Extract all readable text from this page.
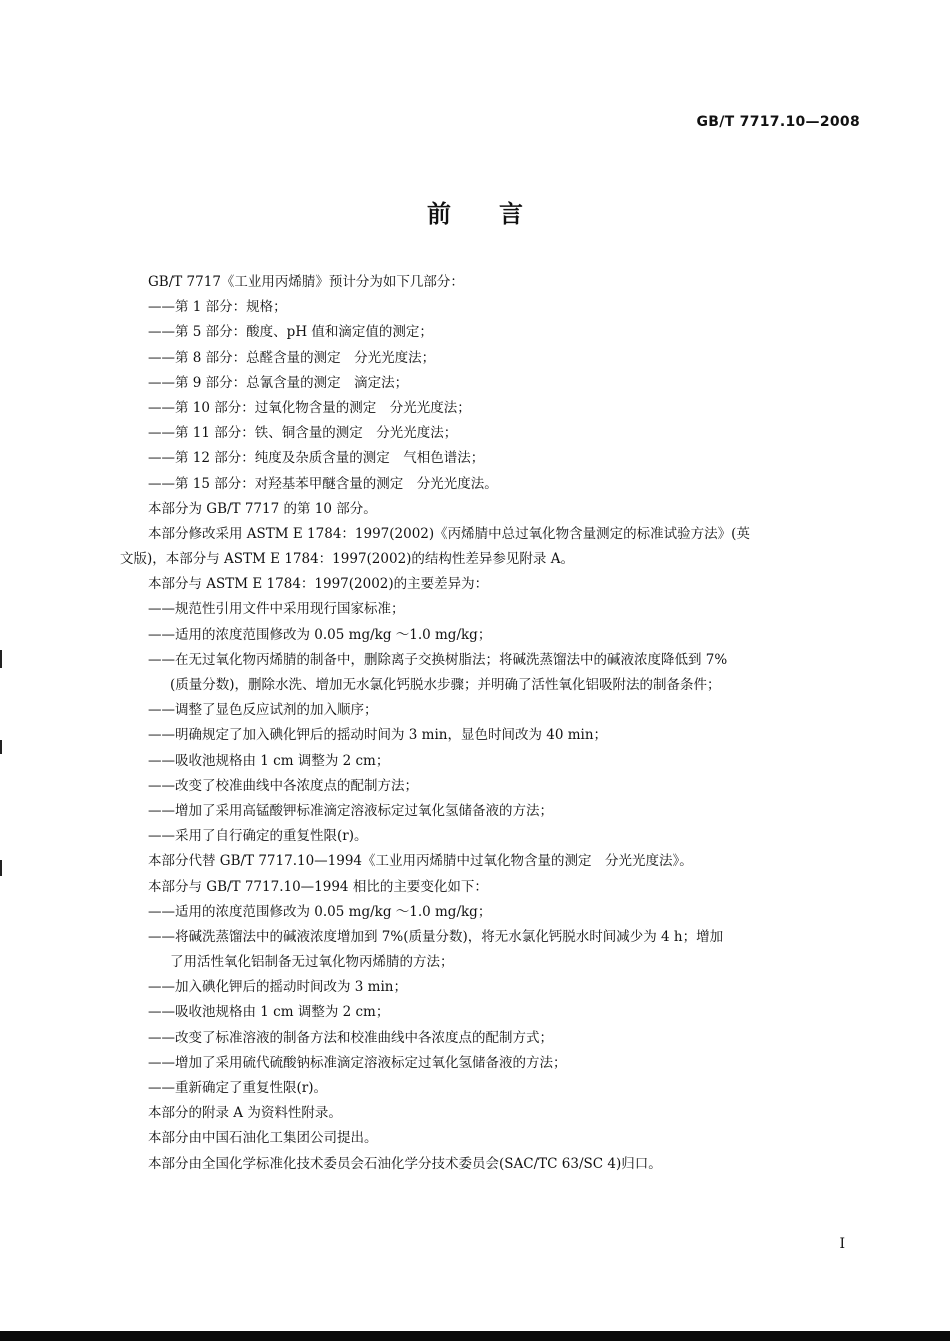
GB/T 7717.10—2008
前言
GB/T 7717《工业用丙烯腈》预计分为如下几部分：
——第 1 部分：规格；
——第 5 部分：酸度、pH 值和滴定值的测定；
——第 8 部分：总醛含量的测定　分光光度法；
——第 9 部分：总氰含量的测定　滴定法；
——第 10 部分：过氧化物含量的测定　分光光度法；
——第 11 部分：铁、铜含量的测定　分光光度法；
——第 12 部分：纯度及杂质含量的测定　气相色谱法；
——第 15 部分：对羟基苯甲醚含量的测定　分光光度法。
本部分为 GB/T 7717 的第 10 部分。
本部分修改采用 ASTM E 1784：1997(2002)《丙烯腈中总过氧化物含量测定的标准试验方法》(英
文版)，本部分与 ASTM E 1784：1997(2002)的结构性差异参见附录 A。
本部分与 ASTM E 1784：1997(2002)的主要差异为：
——规范性引用文件中采用现行国家标准；
——适用的浓度范围修改为 0.05 mg/kg ～1.0 mg/kg；
——在无过氧化物丙烯腈的制备中，删除离子交换树脂法；将碱洗蒸馏法中的碱液浓度降低到 7%
(质量分数)，删除水洗、增加无水氯化钙脱水步骤；并明确了活性氧化铝吸附法的制备条件；
——调整了显色反应试剂的加入顺序；
——明确规定了加入碘化钾后的摇动时间为 3 min，显色时间改为 40 min；
——吸收池规格由 1 cm 调整为 2 cm；
——改变了校准曲线中各浓度点的配制方法；
——增加了采用高锰酸钾标准滴定溶液标定过氧化氢储备液的方法；
——采用了自行确定的重复性限(r)。
本部分代替 GB/T 7717.10—1994《工业用丙烯腈中过氧化物含量的测定　分光光度法》。
本部分与 GB/T 7717.10—1994 相比的主要变化如下：
——适用的浓度范围修改为 0.05 mg/kg ～1.0 mg/kg；
——将碱洗蒸馏法中的碱液浓度增加到 7%(质量分数)，将无水氯化钙脱水时间减少为 4 h；增加
了用活性氧化铝制备无过氧化物丙烯腈的方法；
——加入碘化钾后的摇动时间改为 3 min；
——吸收池规格由 1 cm 调整为 2 cm；
——改变了标准溶液的制备方法和校准曲线中各浓度点的配制方式；
——增加了采用硫代硫酸钠标准滴定溶液标定过氧化氢储备液的方法；
——重新确定了重复性限(r)。
本部分的附录 A 为资料性附录。
本部分由中国石油化工集团公司提出。
本部分由全国化学标准化技术委员会石油化学分技术委员会(SAC/TC 63/SC 4)归口。
I
